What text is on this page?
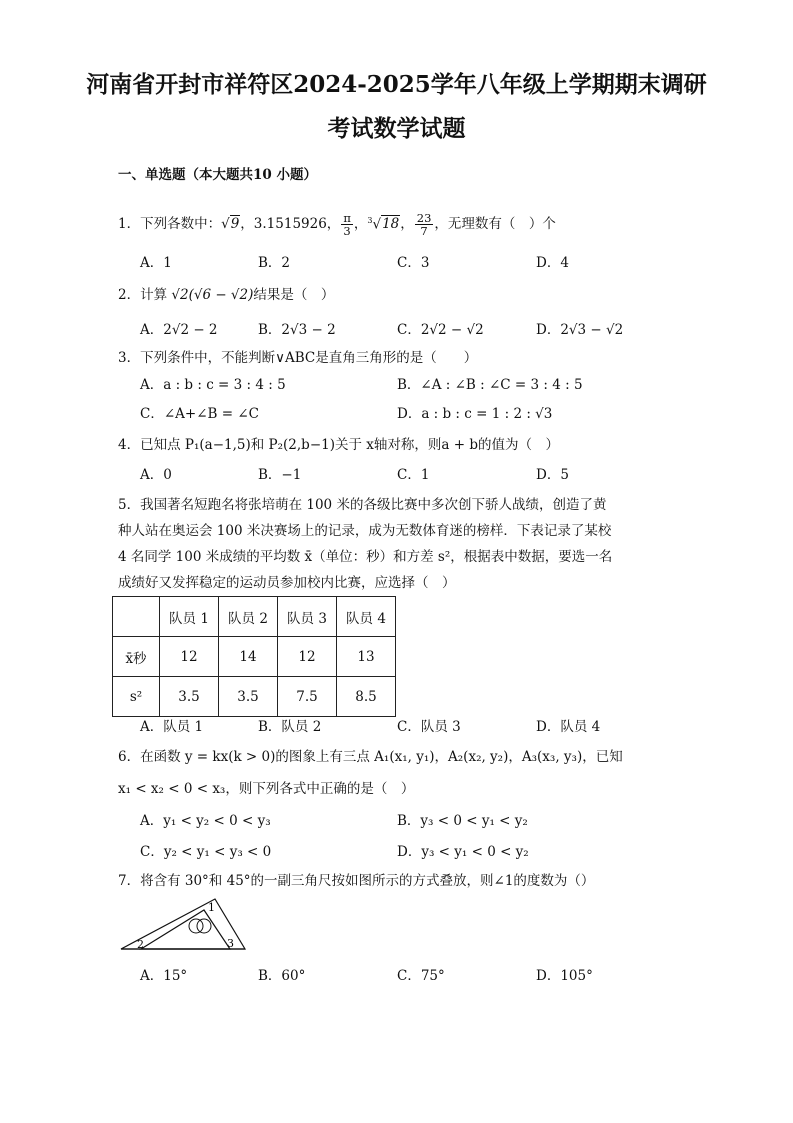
河南省开封市祥符区2024-2025学年八年级上学期期末调研
考试数学试题
一、单选题（本大题共10 小题）
1．下列各数中：√9，3.1515926， $\frac{\pi}{3}$ ，$^3$√18， $\frac{23}{7}$ ，无理数有（　）个
A．1	B．2	C．3	D．4
2．计算 √2(√6 − √2)结果是（　）
A．2√2 − 2	B．2√3 − 2	C．2√2 − √2	D．2√3 − √2
3．下列条件中，不能判断∨ABC是直角三角形的是（　　）
A．a : b : c = 3 : 4 : 5	B．∠A : ∠B : ∠C = 3 : 4 : 5
C．∠A+∠B = ∠C	D．a : b : c = 1 : 2 : √3
4．已知点 P₁(a−1,5)和 P₂(2,b−1)关于 x轴对称，则a + b的值为（　）
A．0	B．−1	C．1	D．5
5．我国著名短跑名将张培萌在 100 米的各级比赛中多次创下骄人战绩，创造了黄
种人站在奥运会 100 米决赛场上的记录，成为无数体育迷的榜样．下表记录了某校
4 名同学 100 米成绩的平均数 x̄（单位：秒）和方差 s²，根据表中数据，要选一名
成绩好又发挥稳定的运动员参加校内比赛，应选择（　）
	队员 1	队员 2	队员 3	队员 4
x̄秒	12	14	12	13
s²	3.5	3.5	7.5	8.5
A．队员 1	B．队员 2	C．队员 3	D．队员 4
6．在函数 y = kx(k > 0)的图象上有三点 A₁(x₁, y₁)，A₂(x₂, y₂)，A₃(x₃, y₃)，已知
x₁ < x₂ < 0 < x₃，则下列各式中正确的是（　）
A．y₁ < y₂ < 0 < y₃	B．y₃ < 0 < y₁ < y₂
C．y₂ < y₁ < y₃ < 0	D．y₃ < y₁ < 0 < y₂
7．将含有 30°和 45°的一副三角尺按如图所示的方式叠放，则∠1的度数为（）
1
2	3
A．15°	B．60°	C．75°	D．105°
